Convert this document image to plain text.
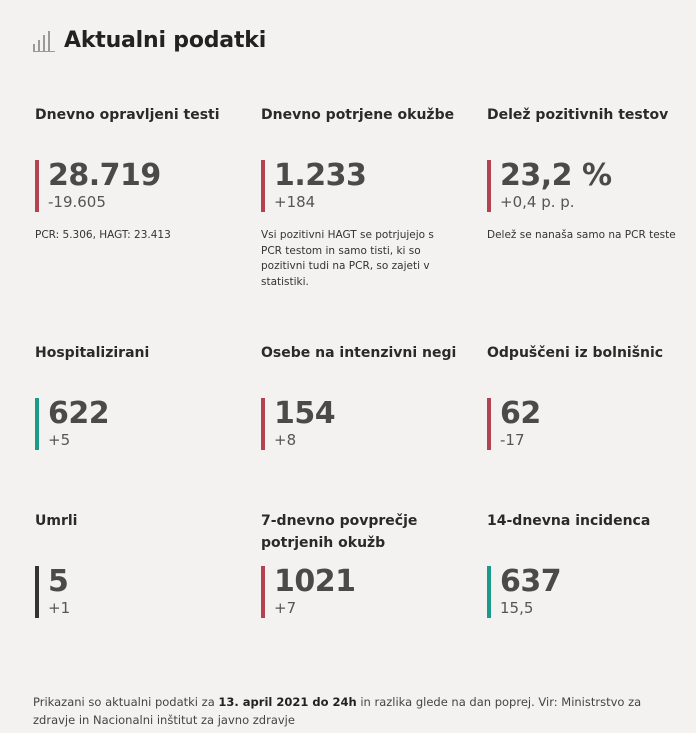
Aktualni podatki
Dnevno opravljeni testi
28.719
-19.605
PCR: 5.306, HAGT: 23.413
Dnevno potrjene okužbe
1.233
+184
Vsi pozitivni HAGT se potrjujejo s PCR testom in samo tisti, ki so pozitivni tudi na PCR, so zajeti v statistiki.
Delež pozitivnih testov
23,2 %
+0,4 p. p.
Delež se nanaša samo na PCR teste
Hospitalizirani
622
+5
Osebe na intenzivni negi
154
+8
Odpuščeni iz bolnišnic
62
-17
Umrli
5
+1
7-dnevno povprečje
potrjenih okužb
1021
+7
14-dnevna incidenca
637
15,5
Prikazani so aktualni podatki za 13. april 2021 do 24h in razlika glede na dan poprej. Vir: Ministrstvo za zdravje in Nacionalni inštitut za javno zdravje
